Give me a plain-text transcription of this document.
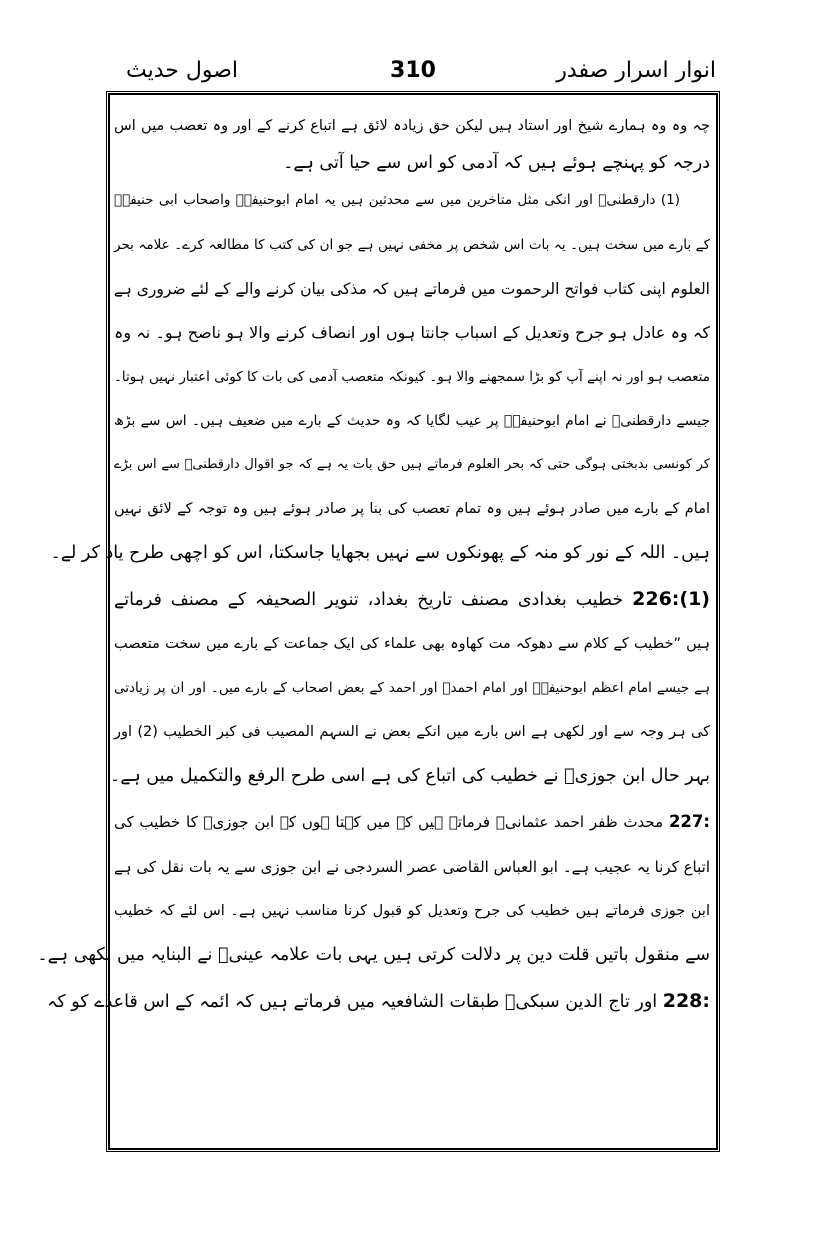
انوار اسرار صفدر
310
اصول حدیث
چہ وہ وہ ہمارے شیخ اور استاد ہیں لیکن حق زیادہ لائق ہے اتباع کرنے کے اور وہ تعصب میں اس
درجہ کو پہنچے ہوئے ہیں کہ آدمی کو اس سے حیا آتی ہے۔
(1) دارقطنیؒ اور انکی مثل متاخرین میں سے محدثین ہیں یہ امام ابوحنیفہؒ واصحاب ابی حنیفہؒ
کے بارے میں سخت ہیں۔ یہ بات اس شخص پر مخفی نہیں ہے جو ان کی کتب کا مطالعہ کرے۔ علامہ بحر
العلوم اپنی کتاب فواتح الرحموت میں فرماتے ہیں کہ مذکی بیان کرنے والے کے لئے ضروری ہے
کہ وہ عادل ہو جرح وتعدیل کے اسباب جانتا ہوں اور انصاف کرنے والا ہو ناصح ہو۔ نہ وہ
متعصب ہو اور نہ اپنے آپ کو بڑا سمجھنے والا ہو۔ کیونکہ متعصب آدمی کی بات کا کوئی اعتبار نہیں ہوتا۔
جیسے دارقطنیؒ نے امام ابوحنیفہؒ پر عیب لگایا کہ وہ حدیث کے بارے میں ضعیف ہیں۔ اس سے بڑھ
کر کونسی بدبختی ہوگی حتی کہ بحر العلوم فرماتے ہیں حق بات یہ ہے کہ جو اقوال دارقطنیؒ سے اس بڑے
امام کے بارے میں صادر ہوئے ہیں وہ تمام تعصب کی بنا پر صادر ہوئے ہیں وہ توجہ کے لائق نہیں
ہیں۔ اللہ کے نور کو منہ کے پھونکوں سے نہیں بجھایا جاسکتا، اس کو اچھی طرح یاد کر لے۔
226:(1) خطیب بغدادی مصنف تاریخ بغداد، تنویر الصحیفہ کے مصنف فرماتے
ہیں ”خطیب کے کلام سے دھوکہ مت کھاوہ بھی علماء کی ایک جماعت کے بارے میں سخت متعصب
ہے جیسے امام اعظم ابوحنیفہؒ اور امام احمدؒ اور احمد کے بعض اصحاب کے بارے میں۔ اور ان پر زیادتی
کی ہر وجہ سے اور لکھی ہے اس بارے میں انکے بعض نے السہم المصیب فی کبر الخطیب (2) اور
بہر حال ابن جوزیؒ نے خطیب کی اتباع کی ہے اسی طرح الرفع والتکمیل میں ہے۔
227: محدث ظفر احمد عثمانیؒ فرماتے ہیں کہ میں کہتا ہوں کہ ابن جوزیؒ کا خطیب کی
اتباع کرنا یہ عجیب ہے۔ ابو العباس القاضی عصر السردجی نے ابن جوزی سے یہ بات نقل کی ہے
ابن جوزی فرماتے ہیں خطیب کی جرح وتعدیل کو قبول کرنا مناسب نہیں ہے۔ اس لئے کہ خطیب
سے منقول باتیں قلت دین پر دلالت کرتی ہیں یہی بات علامہ عینیؒ نے البنایہ میں لکھی ہے۔
228: اور تاج الدین سبکیؒ طبقات الشافعیہ میں فرماتے ہیں کہ ائمہ کے اس قاعدے کو کہ
